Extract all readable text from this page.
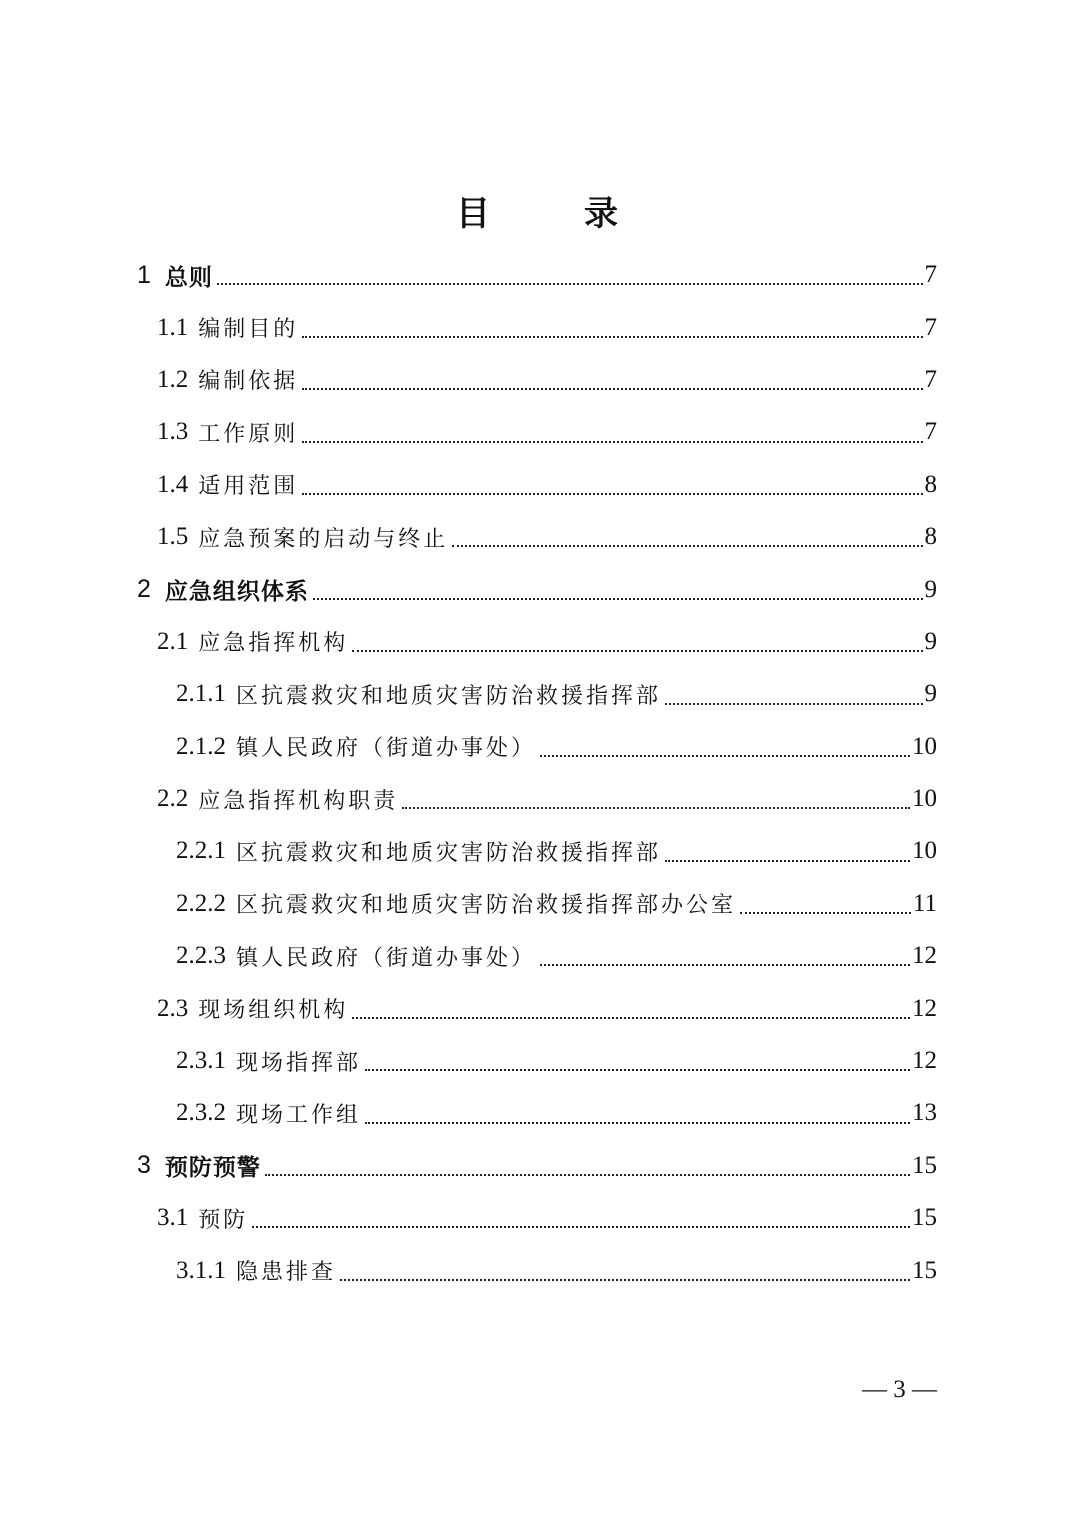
目　录
1 总则	7
1.1 编制目的	7
1.2 编制依据	7
1.3 工作原则	7
1.4 适用范围	8
1.5 应急预案的启动与终止	8
2 应急组织体系	9
2.1 应急指挥机构	9
2.1.1 区抗震救灾和地质灾害防治救援指挥部	9
2.1.2 镇人民政府（街道办事处）	10
2.2 应急指挥机构职责	10
2.2.1 区抗震救灾和地质灾害防治救援指挥部	10
2.2.2 区抗震救灾和地质灾害防治救援指挥部办公室	11
2.2.3 镇人民政府（街道办事处）	12
2.3 现场组织机构	12
2.3.1 现场指挥部	12
2.3.2 现场工作组	13
3 预防预警	15
3.1 预防	15
3.1.1 隐患排查	15
— 3 —
